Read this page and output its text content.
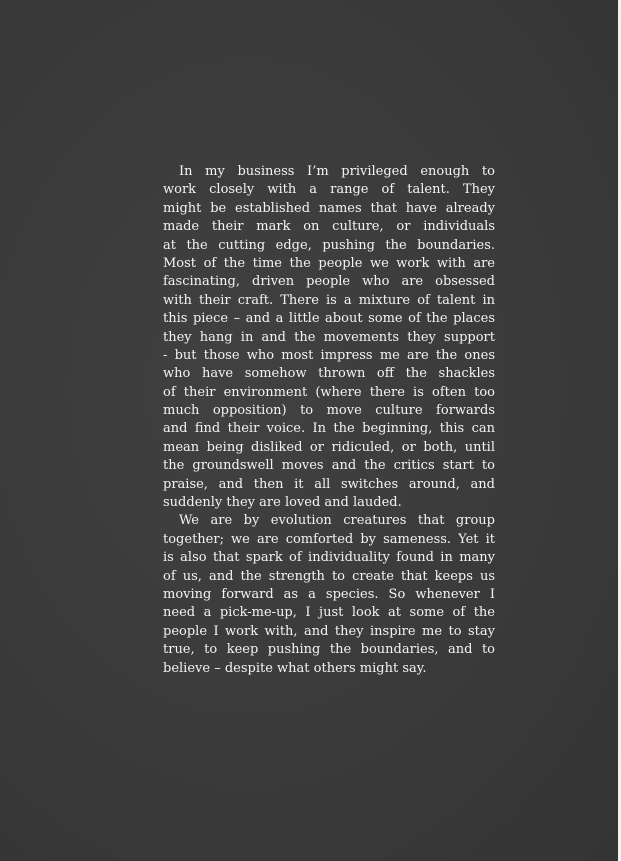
In my business I’m privileged enough to
work closely with a range of talent. They
might be established names that have already
made their mark on culture, or individuals
at the cutting edge, pushing the boundaries.
Most of the time the people we work with are
fascinating, driven people who are obsessed
with their craft. There is a mixture of talent in
this piece – and a little about some of the places
they hang in and the movements they support
- but those who most impress me are the ones
who have somehow thrown off the shackles
of their environment (where there is often too
much opposition) to move culture forwards
and find their voice. In the beginning, this can
mean being disliked or ridiculed, or both, until
the groundswell moves and the critics start to
praise, and then it all switches around, and
suddenly they are loved and lauded.

We are by evolution creatures that group
together; we are comforted by sameness. Yet it
is also that spark of individuality found in many
of us, and the strength to create that keeps us
moving forward as a species. So whenever I
need a pick-me-up, I just look at some of the
people I work with, and they inspire me to stay
true, to keep pushing the boundaries, and to
believe – despite what others might say.
